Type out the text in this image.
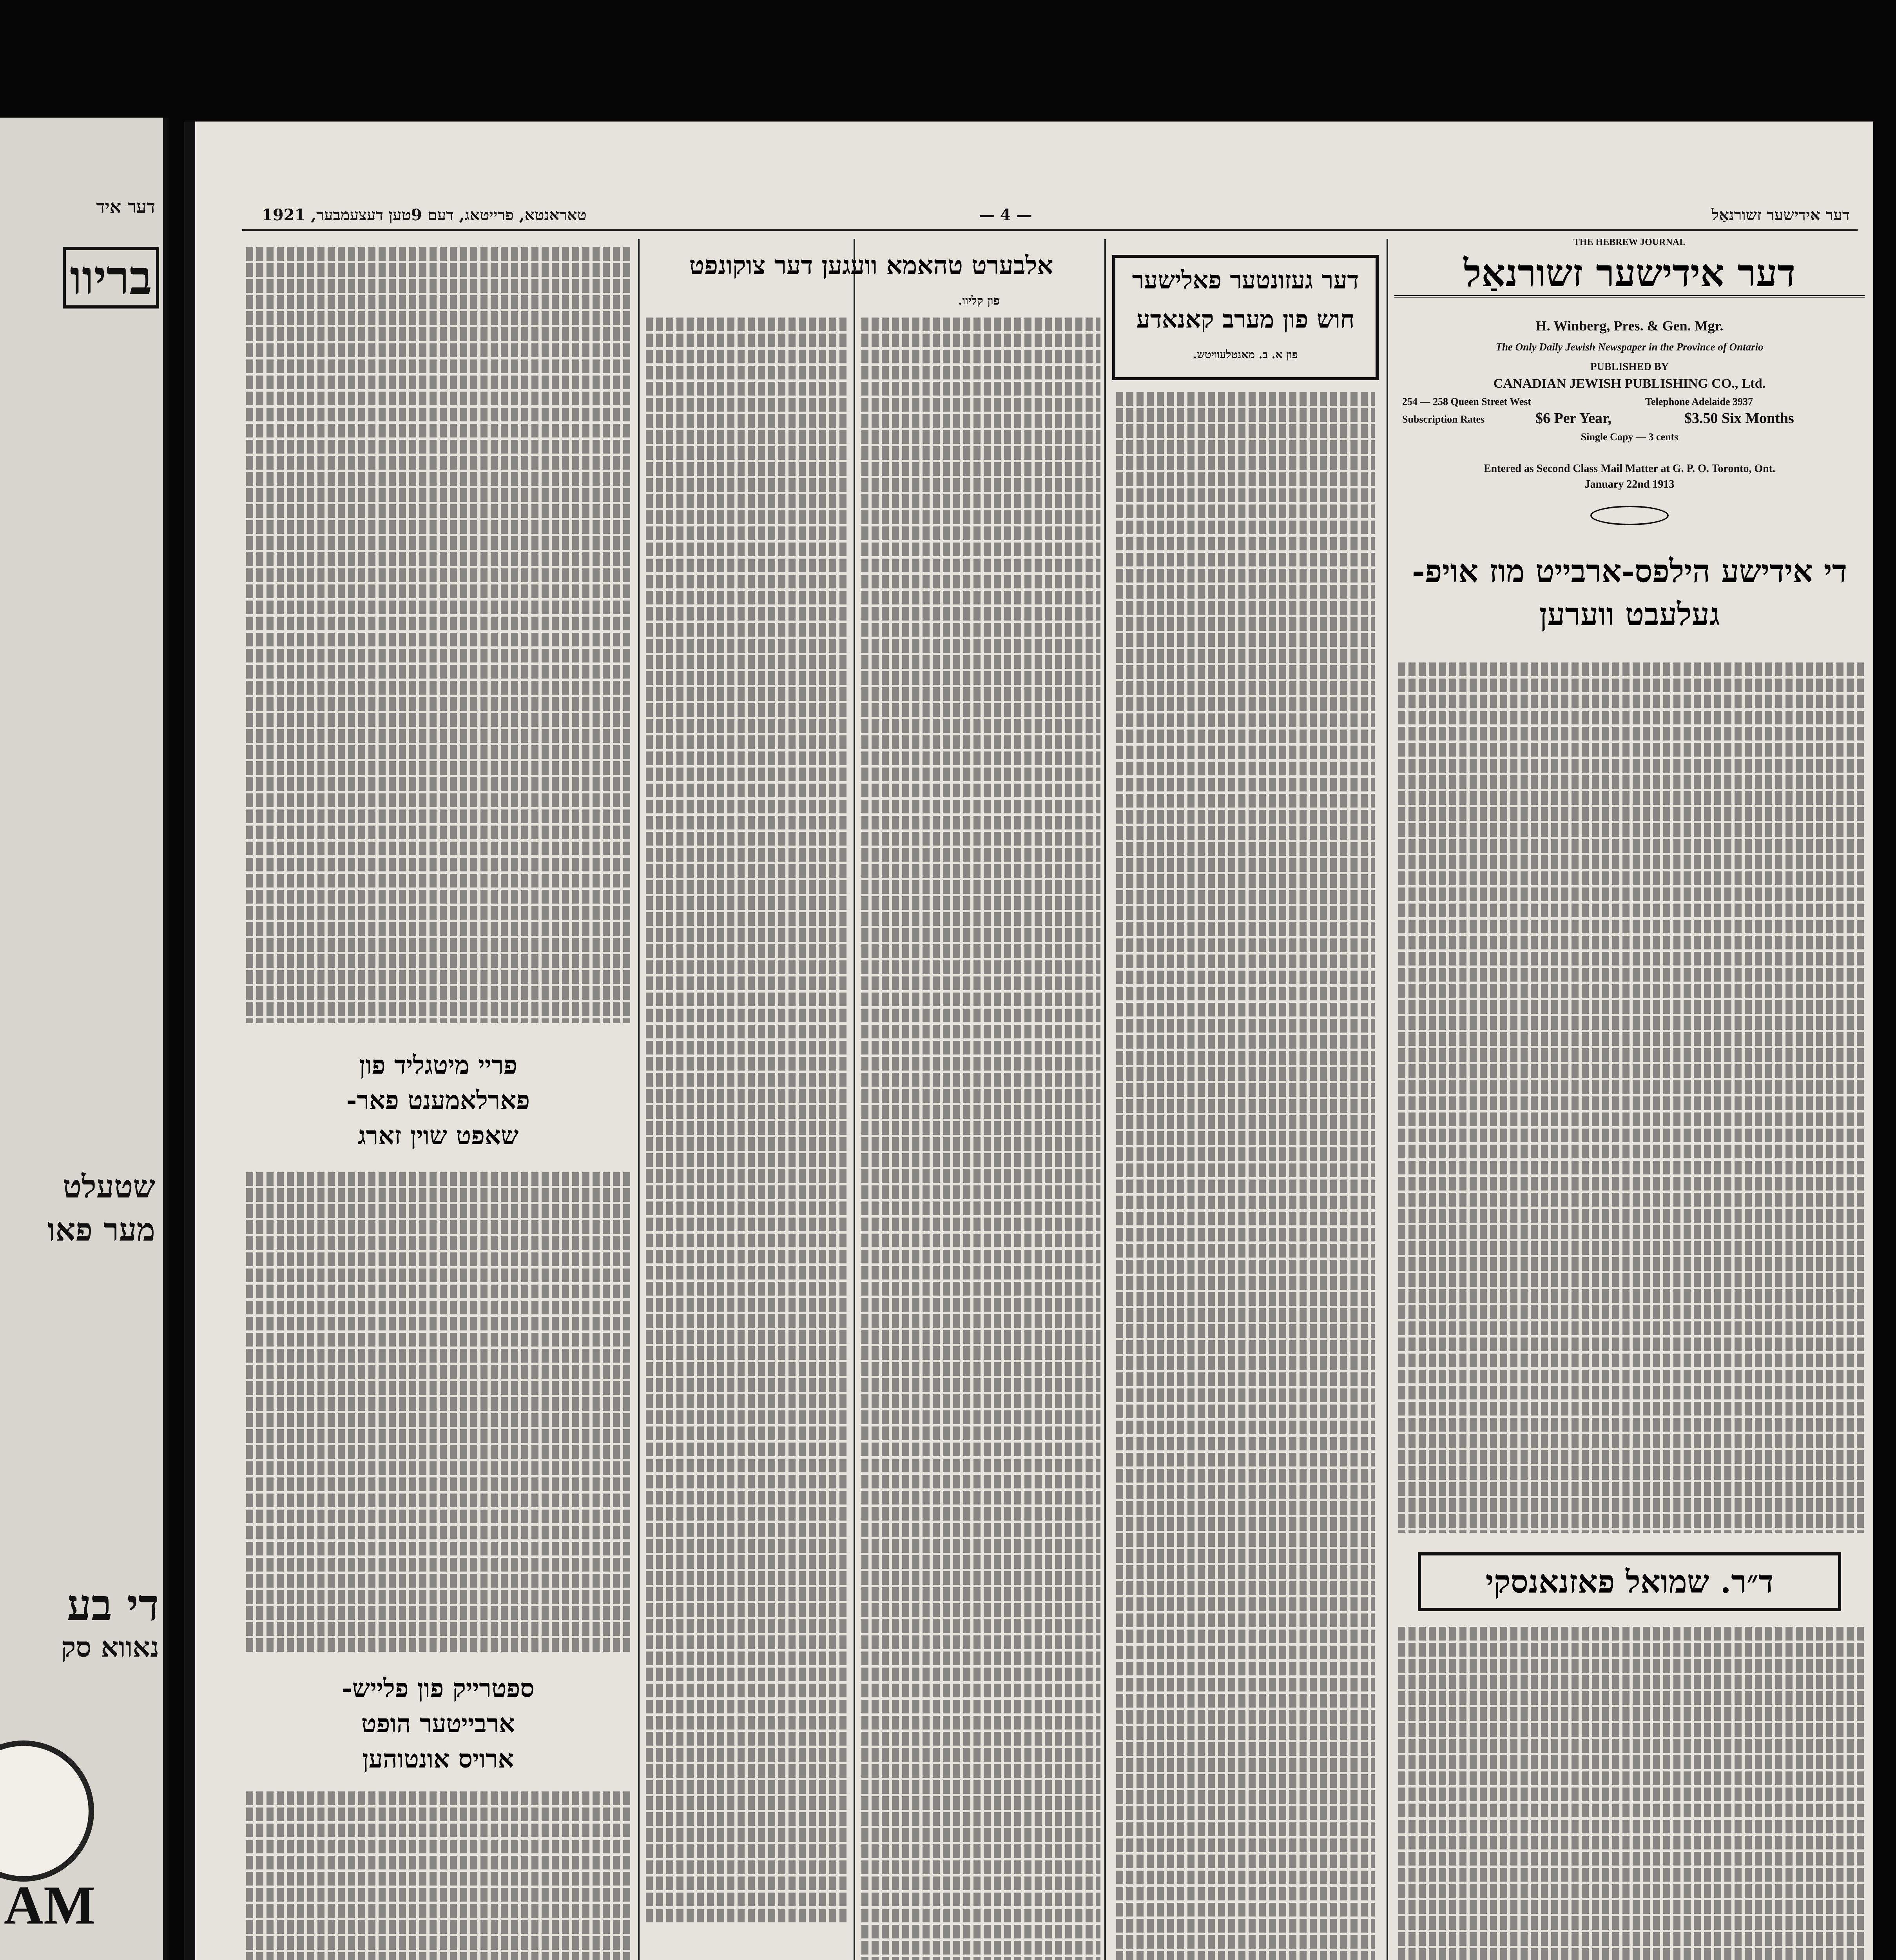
דער איד
בריוו
שטעלט
מער פאו
די בע
נאווא סק
AM
דער אידישער זשורנאַל
— 4 —
טאראנטא, פרייטאג, דעם 9טען דעצעמבער, 1921
THE HEBREW JOURNAL
דער אידישער זשורנאַל
H. Winberg, Pres. & Gen. Mgr.
The Only Daily Jewish Newspaper in the Province of Ontario
PUBLISHED BY
CANADIAN JEWISH PUBLISHING CO., Ltd.
254 — 258 Queen Street West	Telephone Adelaide 3937
Subscription Rates	$6 Per Year,	$3.50 Six Months
Single Copy — 3 cents
Entered as Second Class Mail Matter at G. P. O. Toronto, Ont.
January 22nd 1913
די אידישע הילפס-ארבייט מוז אויפ-
געלעבט ווערען
ד״ר. שמואל פאזנאנסקי
דער געזונטער פאלישער
חוש פון מערב קאנאדע
פון א. ב. מאנטלעוויטש.
אלבערט טהאמא וועגען דער צוקונפט
פון קליוו.
פריי מיטגליד פון
פארלאמענט פאר-
שאפט שוין זארג
ספטרייק פון פלייש-
ארבייטער הופט
ארויס אונטוהען
